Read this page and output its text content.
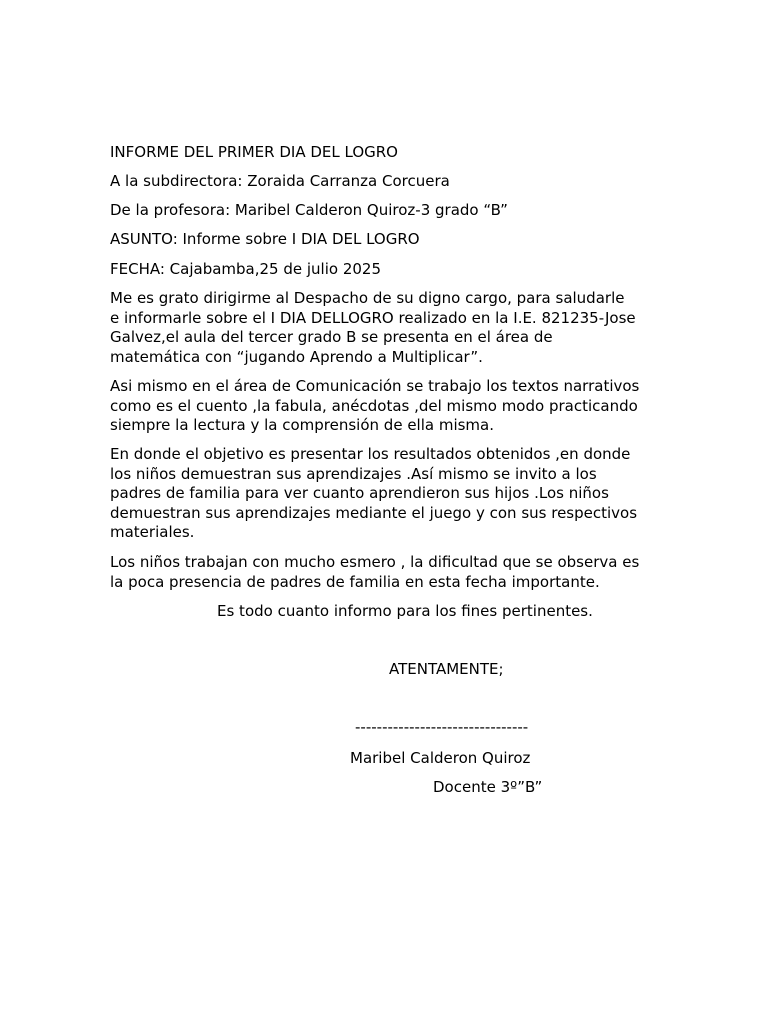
INFORME DEL PRIMER DIA DEL LOGRO
A la subdirectora: Zoraida Carranza Corcuera
De la profesora: Maribel Calderon Quiroz-3 grado “B”
ASUNTO: Informe sobre I DIA DEL LOGRO
FECHA: Cajabamba,25 de julio 2025
Me es grato dirigirme al Despacho de su digno cargo, para saludarle
e informarle sobre el I DIA DELLOGRO realizado en la I.E. 821235-Jose
Galvez,el aula del tercer grado B se presenta en el área de
matemática con “jugando Aprendo a Multiplicar”.
Asi mismo en el área de Comunicación se trabajo los textos narrativos
como es el cuento ,la fabula, anécdotas ,del mismo modo practicando
siempre la lectura y la comprensión de ella misma.
En donde el objetivo es presentar los resultados obtenidos ,en donde
los niños demuestran sus aprendizajes .Así mismo se invito a los
padres de familia para ver cuanto aprendieron sus hijos .Los niños
demuestran sus aprendizajes mediante el juego y con sus respectivos
materiales.
Los niños trabajan con mucho esmero , la dificultad que se observa es
la poca presencia de padres de familia en esta fecha importante.
Es todo cuanto informo para los fines pertinentes.
ATENTAMENTE;
--------------------------------
Maribel Calderon Quiroz
Docente 3º”B”
